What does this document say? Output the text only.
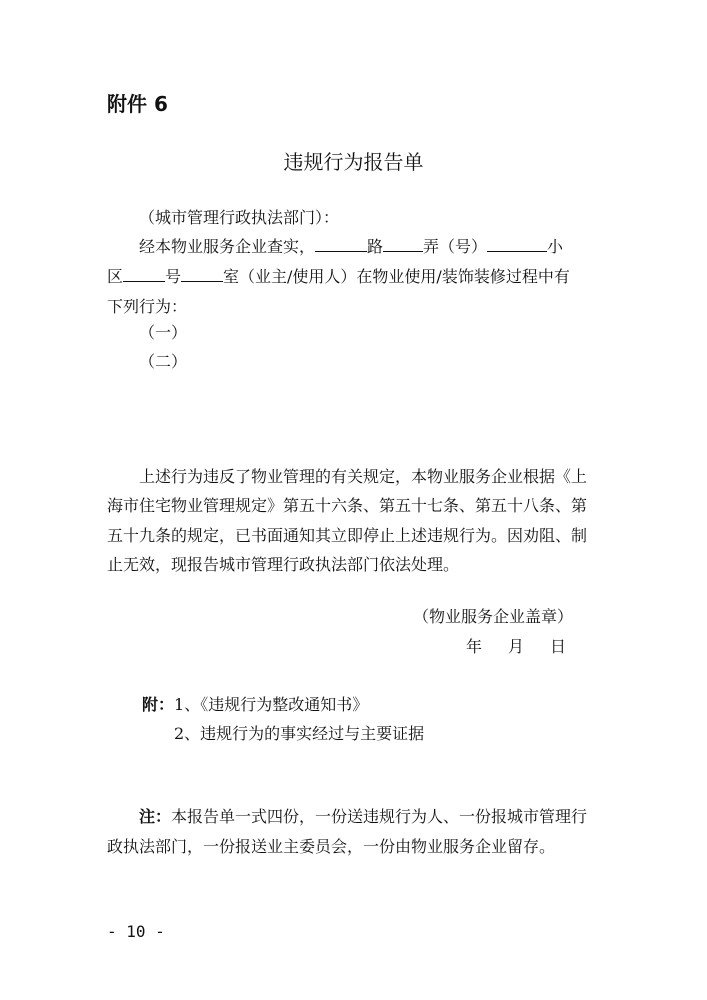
附件 6
违规行为报告单
（城市管理行政执法部门）：
经本物业服务企业查实，	路	弄（号）	小
区	号	室（业主/使用人）在物业使用/装饰装修过程中有
下列行为：
（一）
（二）
上述行为违反了物业管理的有关规定，本物业服务企业根据《上
海市住宅物业管理规定》第五十六条、第五十七条、第五十八条、第
五十九条的规定，已书面通知其立即停止上述违规行为。因劝阻、制
止无效，现报告城市管理行政执法部门依法处理。
（物业服务企业盖章）
年 月 日
附：1、《违规行为整改通知书》
2、违规行为的事实经过与主要证据
注：本报告单一式四份，一份送违规行为人、一份报城市管理行
政执法部门，一份报送业主委员会，一份由物业服务企业留存。
- 10 -
